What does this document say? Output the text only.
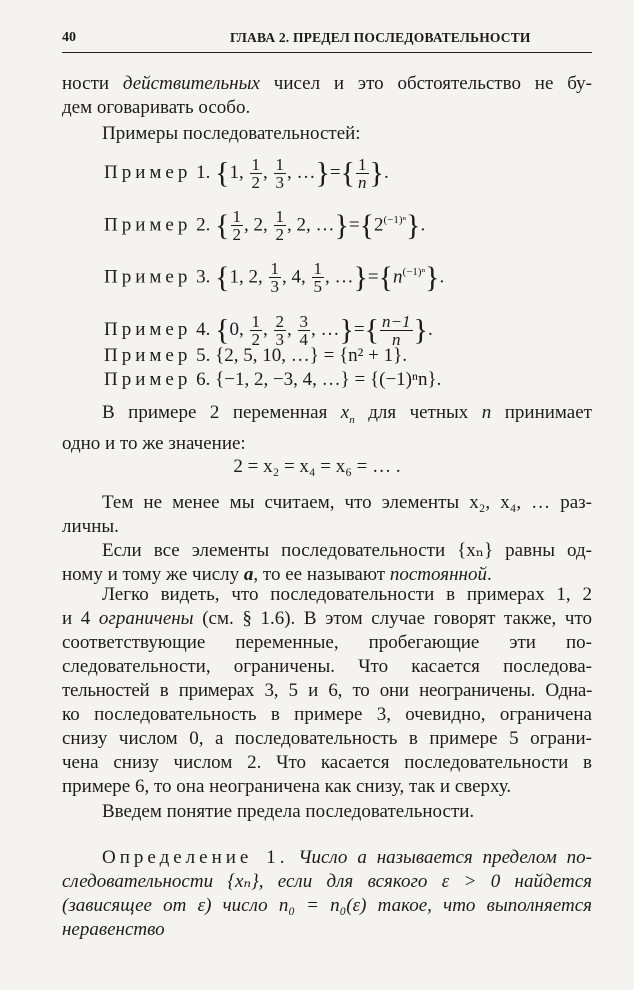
40	ГЛАВА 2. ПРЕДЕЛ ПОСЛЕДОВАТЕЛЬНОСТИ
ности действительных чисел и это обстоятельство не бу-
дем оговаривать особо.
Примеры последовательностей:
Пример 1. {1, $\frac{1}{2}$ , $\frac{1}{3}$ , …}={ $\frac{1}{n}$ }.
Пример 2. { $\frac{1}{2}$ , 2, $\frac{1}{2}$ , 2, $\dots\}=\{2^{(-1)^n}\}$.
Пример 3. {1, 2, $\frac{1}{3}$ , 4, $\frac{1}{5}$ , $\dots\}=\{n^{(-1)^n}\}$.
Пример 4. {0, $\frac{1}{2}$ , $\frac{2}{3}$ , $\frac{3}{4}$ , …}={ $\frac{n-1}{n}$ }.
Пример 5. {2, 5, 10, …} = {n² + 1}.
Пример 6. {−1, 2, −3, 4, …} = {(−1)ⁿn}.
В примере 2 переменная $x_n$ для четных n принимает
одно и то же значение:
2 = x₂ = x₄ = x₆ = … .
Тем не менее мы считаем, что элементы x₂, x₄, … раз-
личны.
Если все элементы последовательности {xₙ} равны од-
ному и тому же числу a, то ее называют постоянной.
Легко видеть, что последовательности в примерах 1, 2
и 4 ограничены (см. § 1.6). В этом случае говорят также, что
соответствующие переменные, пробегающие эти по-
следовательности, ограничены. Что касается последова-
тельностей в примерах 3, 5 и 6, то они неограничены. Одна-
ко последовательность в примере 3, очевидно, ограничена
снизу числом 0, а последовательность в примере 5 ограни-
чена снизу числом 2. Что касается последовательности в
примере 6, то она неограничена как снизу, так и сверху.
Введем понятие предела последовательности.
Определение 1. Число a называется пределом по-
следовательности {xₙ}, если для всякого ε > 0 найдется
(зависящее от ε) число n₀ = n₀(ε) такое, что выполняется
неравенство
